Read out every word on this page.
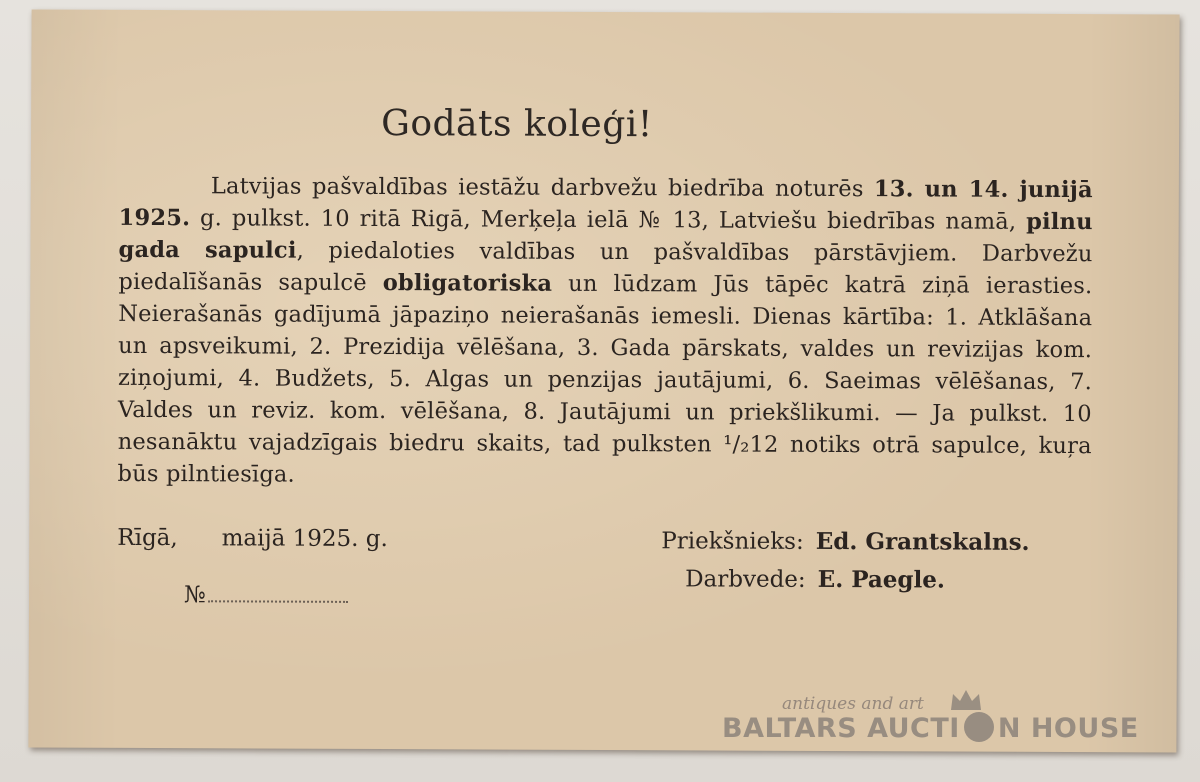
Godāts koleģi!

Latvijas pašvaldības iestāžu darbvežu biedrība noturēs 13. un 14. junijā 1925. g. pulkst. 10 ritā Rigā, Merķeļa ielā № 13, Latviešu biedrības namā, pilnu gada sapulci, piedaloties valdības un pašvaldības pārstāvjiem. Darbvežu piedalīšanās sapulcē obligatoriska un lūdzam Jūs tāpēc katrā ziņā ierasties. Neierašanās gadījumā jāpaziņo neierašanās iemesli. Dienas kārtība: 1. Atklāšana un apsveikumi, 2. Prezidija vēlēšana, 3. Gada pārskats, valdes un revizijas kom. ziņojumi, 4. Budžets, 5. Algas un penzijas jautājumi, 6. Saeimas vēlēšanas, 7. Valdes un reviz. kom. vēlēšana, 8. Jautājumi un priekšlikumi. — Ja pulkst. 10 nesanāktu vajadzīgais biedru skaits, tad pulksten ¹/₂12 notiks otrā sapulce, kuŗa būs pilntiesīga.

Rīgā, maijā 1925. g.	Priekšnieks: Ed. Grantskalns.
Darbvede: E. Paegle.
№
antiques and art
BALTARS AUCTI N HOUSE
